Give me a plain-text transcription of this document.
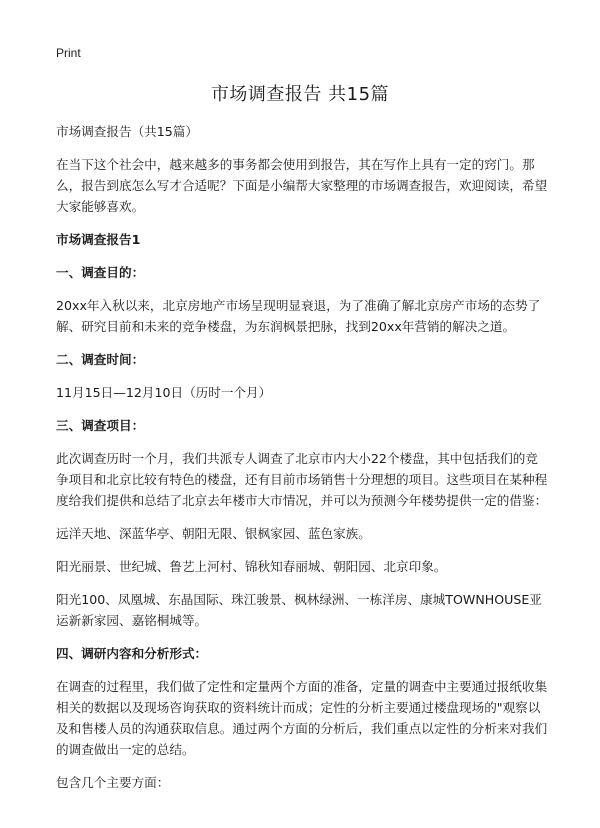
Print
市场调查报告 共15篇

市场调查报告（共15篇）

在当下这个社会中，越来越多的事务都会使用到报告，其在写作上具有一定的窍门。那么，报告到底怎么写才合适呢？下面是小编帮大家整理的市场调查报告，欢迎阅读，希望大家能够喜欢。

市场调查报告1

一、调查目的：

20xx年入秋以来，北京房地产市场呈现明显衰退，为了准确了解北京房产市场的态势了解、研究目前和未来的竞争楼盘，为东润枫景把脉，找到20xx年营销的解决之道。

二、调查时间：

11月15日—12月10日（历时一个月）

三、调查项目：

此次调查历时一个月，我们共派专人调查了北京市内大小22个楼盘，其中包括我们的竞争项目和北京比较有特色的楼盘，还有目前市场销售十分理想的项目。这些项目在某种程度给我们提供和总结了北京去年楼市大市情况，并可以为预测今年楼势提供一定的借鉴：

远洋天地、深蓝华亭、朝阳无限、银枫家园、蓝色家族。

阳光丽景、世纪城、鲁艺上河村、锦秋知春丽城、朝阳园、北京印象。

阳光100、凤凰城、东晶国际、珠江骏景、枫林绿洲、一栋洋房、康城TOWNHOUSE亚运新新家园、嘉铭桐城等。

四、调研内容和分析形式：

在调查的过程里，我们做了定性和定量两个方面的准备，定量的调查中主要通过报纸收集相关的数据以及现场咨询获取的资料统计而成；定性的分析主要通过楼盘现场的"观察以及和售楼人员的沟通获取信息。通过两个方面的分析后，我们重点以定性的分析来对我们的调查做出一定的总结。

包含几个主要方面：
